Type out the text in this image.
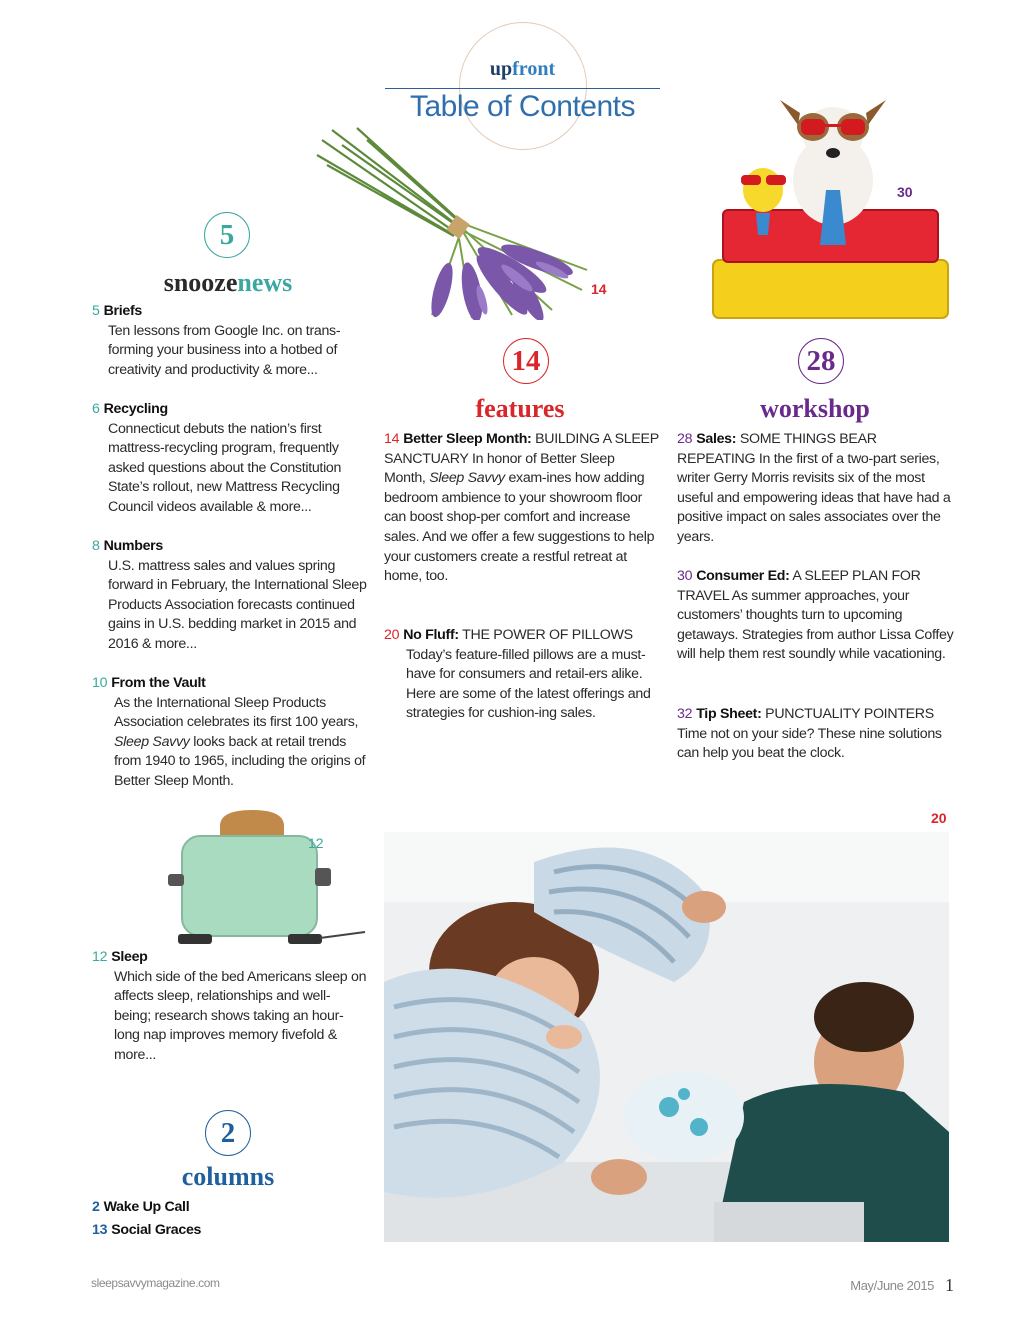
upfront
Table of Contents
14
30
12
20
5
snoozenews
5 Briefs
Ten lessons from Google Inc. on trans-forming your business into a hotbed of creativity and productivity & more...
6 Recycling
Connecticut debuts the nation’s first mattress-recycling program, frequently asked questions about the Constitution State’s rollout, new Mattress Recycling Council videos available & more...
8 Numbers
U.S. mattress sales and values spring forward in February, the International Sleep Products Association forecasts continued gains in U.S. bedding market in 2015 and 2016 & more...
10 From the Vault
As the International Sleep Products Association celebrates its first 100 years, Sleep Savvy looks back at retail trends from 1940 to 1965, including the origins of Better Sleep Month.
12 Sleep
Which side of the bed Americans sleep on affects sleep, relationships and well-being; research shows taking an hour-long nap improves memory fivefold & more...
14
features
14 Better Sleep Month: BUILDING A SLEEP SANCTUARY In honor of Better Sleep Month, Sleep Savvy exam-ines how adding bedroom ambience to your showroom floor can boost shop-per comfort and increase sales. And we offer a few suggestions to help your customers create a restful retreat at home, too.
20 No Fluff: THE POWER OF PILLOWS
Today’s feature-filled pillows are a must-have for consumers and retail-ers alike. Here are some of the latest offerings and strategies for cushion-ing sales.
28
workshop
28 Sales: SOME THINGS BEAR REPEATING In the first of a two-part series, writer Gerry Morris revisits six of the most useful and empowering ideas that have had a positive impact on sales associates over the years.
30 Consumer Ed: A SLEEP PLAN FOR TRAVEL As summer approaches, your customers’ thoughts turn to upcoming getaways. Strategies from author Lissa Coffey will help them rest soundly while vacationing.
32 Tip Sheet: PUNCTUALITY POINTERS Time not on your side? These nine solutions can help you beat the clock.
2
columns
2 Wake Up Call
13 Social Graces
sleepsavvymagazine.com	May/June 2015 1
